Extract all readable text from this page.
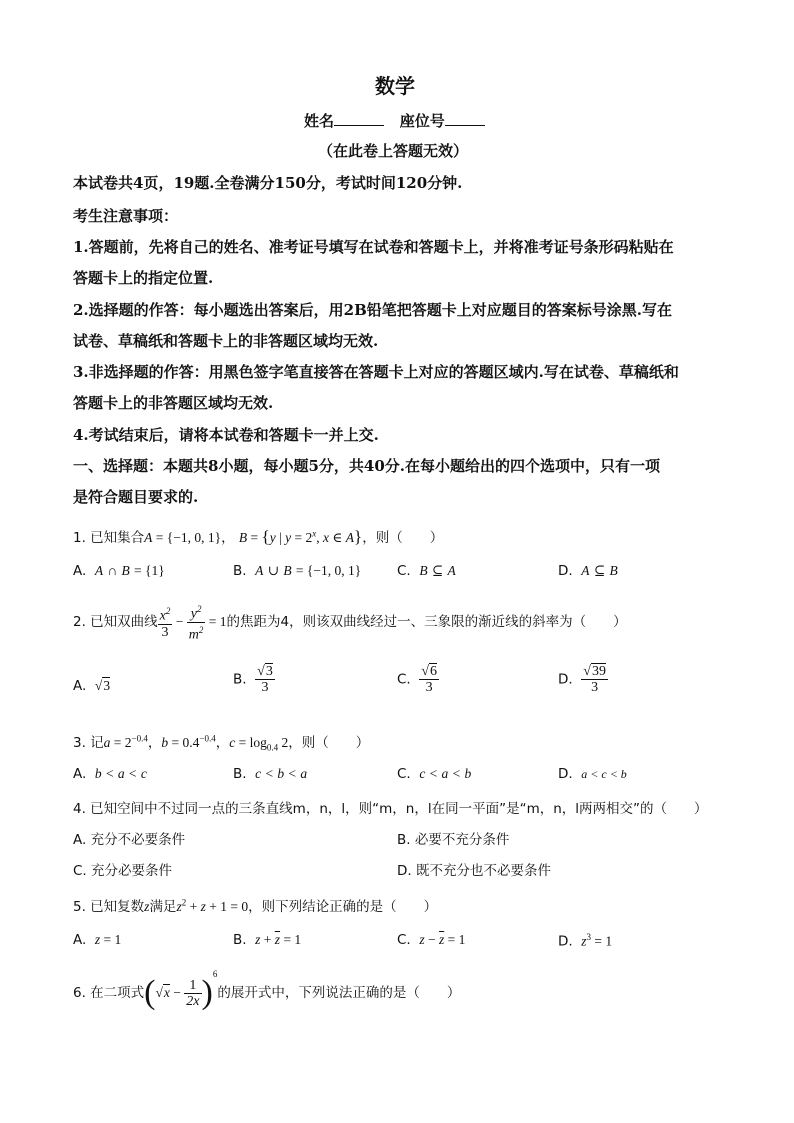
数学
姓名	座位号
（在此卷上答题无效）
本试卷共4页，19题.全卷满分150分，考试时间120分钟.
考生注意事项：
1.答题前，先将自己的姓名、准考证号填写在试卷和答题卡上，并将准考证号条形码粘贴在
答题卡上的指定位置.
2.选择题的作答：每小题选出答案后，用2B铅笔把答题卡上对应题目的答案标号涂黑.写在
试卷、草稿纸和答题卡上的非答题区域均无效.
3.非选择题的作答：用黑色签字笔直接答在答题卡上对应的答题区域内.写在试卷、草稿纸和
答题卡上的非答题区域均无效.
4.考试结束后，请将本试卷和答题卡一并上交.
一、选择题：本题共8小题，每小题5分，共40分.在每小题给出的四个选项中，只有一项
是符合题目要求的.
1. 已知集合A = {−1, 0, 1}， B = {y | $y = 2^x$, x ∈ A}，则（　　）
A. A ∩ B = {1}	B. A ∪ B = {−1, 0, 1}	C. B ⊆ A	D. A ⊆ B
2. 已知双曲线 $\frac{x^2}{3} - \frac{y^2}{m^2} = 1$的焦距为4，则该双曲线经过一、三象限的渐近线的斜率为（　　）
A. √3	B. $\frac{√3}{3}$	C. $\frac{√6}{3}$	D. $\frac{√39}{3}$
3. 记$a = 2^{-0.4}$，$b = 0.4^{-0.4}$，$c = \log_{0.4} 2$，则（　　）
A. b < a < c	B. c < b < a	C. c < a < b	D. a < c < b
4. 已知空间中不过同一点的三条直线m，n，l，则“m，n，l在同一平面”是“m，n，l两两相交”的（　　）
A. 充分不必要条件	B. 必要不充分条件
C. 充分必要条件	D. 既不充分也不必要条件
5. 已知复数z满足$z^2 + z + 1 = 0$，则下列结论正确的是（　　）
A. z = 1	B. $z + \overline{z} = 1$	C. $z - \overline{z} = 1$	D. $z^3 = 1$
6. 在二项式$(√x - \frac{1}{2x} )^6$的展开式中，下列说法正确的是（　　）
